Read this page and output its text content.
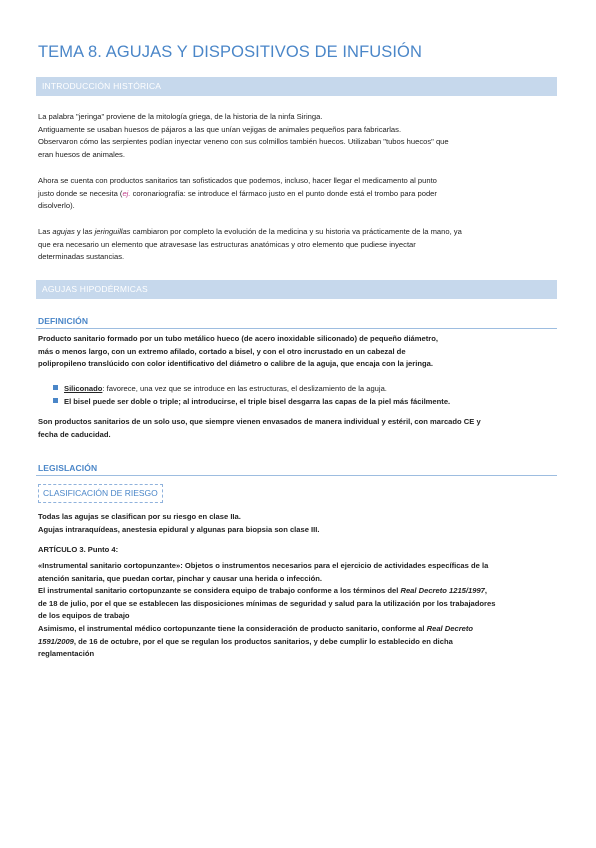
TEMA 8. AGUJAS Y DISPOSITIVOS DE INFUSIÓN
INTRODUCCIÓN HISTÓRICA
La palabra "jeringa" proviene de la mitología griega, de la historia de la ninfa Siringa.
Antiguamente se usaban huesos de pájaros a las que unían vejigas de animales pequeños para fabricarlas.
Observaron cómo las serpientes podían inyectar veneno con sus colmillos también huecos. Utilizaban "tubos huecos" que
eran huesos de animales.
Ahora se cuenta con productos sanitarios tan sofisticados que podemos, incluso, hacer llegar el medicamento al punto
justo donde se necesita (ej. coronariografía: se introduce el fármaco justo en el punto donde está el trombo para poder
disolverlo).
Las agujas y las jeringuillas cambiaron por completo la evolución de la medicina y su historia va prácticamente de la mano, ya
que era necesario un elemento que atravesase las estructuras anatómicas y otro elemento que pudiese inyectar
determinadas sustancias.
AGUJAS HIPODÉRMICAS
DEFINICIÓN
Producto sanitario formado por un tubo metálico hueco (de acero inoxidable siliconado) de pequeño diámetro,
más o menos largo, con un extremo afilado, cortado a bisel, y con el otro incrustado en un cabezal de
polipropileno translúcido con color identificativo del diámetro o calibre de la aguja, que encaja con la jeringa.
Siliconado: favorece, una vez que se introduce en las estructuras, el deslizamiento de la aguja.
El bisel puede ser doble o triple; al introducirse, el triple bisel desgarra las capas de la piel más fácilmente.
Son productos sanitarios de un solo uso, que siempre vienen envasados de manera individual y estéril, con marcado CE y
fecha de caducidad.
LEGISLACIÓN
CLASIFICACIÓN DE RIESGO
Todas las agujas se clasifican por su riesgo en clase IIa.
Agujas intraraquídeas, anestesia epidural y algunas para biopsia son clase III.
ARTÍCULO 3. Punto 4:
«Instrumental sanitario cortopunzante»: Objetos o instrumentos necesarios para el ejercicio de actividades específicas de la
atención sanitaria, que puedan cortar, pinchar y causar una herida o infección.
El instrumental sanitario cortopunzante se considera equipo de trabajo conforme a los términos del Real Decreto 1215/1997,
de 18 de julio, por el que se establecen las disposiciones mínimas de seguridad y salud para la utilización por los trabajadores
de los equipos de trabajo
Asimismo, el instrumental médico cortopunzante tiene la consideración de producto sanitario, conforme al Real Decreto
1591/2009, de 16 de octubre, por el que se regulan los productos sanitarios, y debe cumplir lo establecido en dicha
reglamentación
